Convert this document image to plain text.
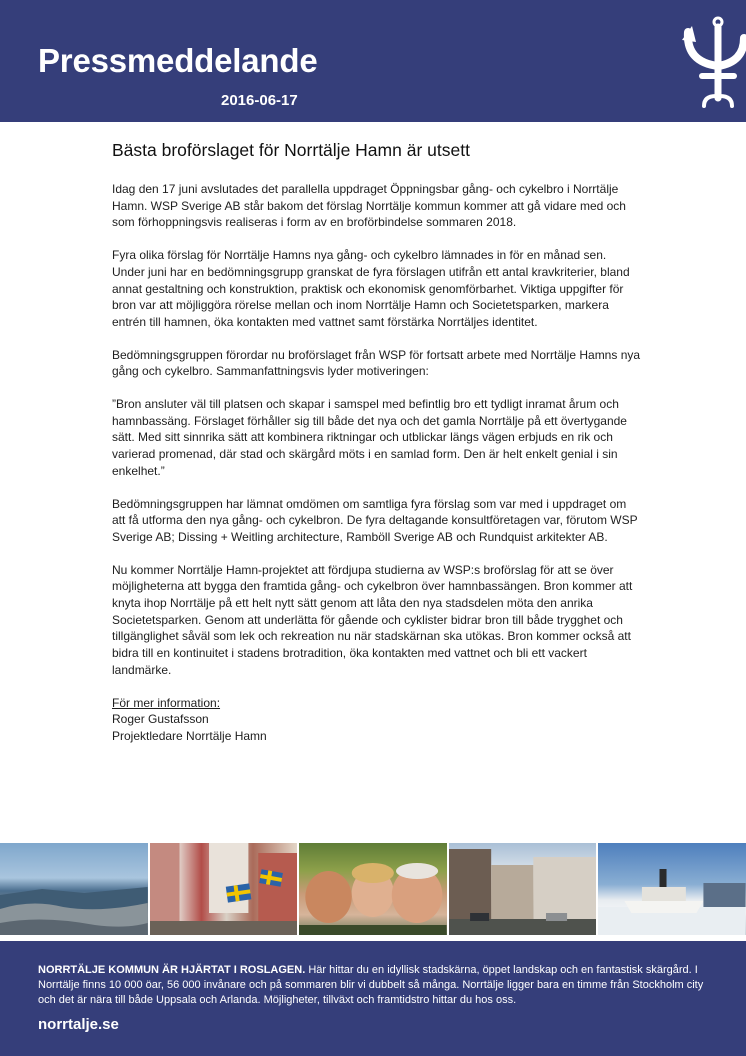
Pressmeddelande
2016-06-17
Bästa broförslaget för Norrtälje Hamn är utsett

Idag den 17 juni avslutades det parallella uppdraget Öppningsbar gång- och cykelbro i Norrtälje Hamn. WSP Sverige AB står bakom det förslag Norrtälje kommun kommer att gå vidare med och som förhoppningsvis realiseras i form av en broförbindelse sommaren 2018.

Fyra olika förslag för Norrtälje Hamns nya gång- och cykelbro lämnades in för en månad sen. Under juni har en bedömningsgrupp granskat de fyra förslagen utifrån ett antal kravkriterier, bland annat gestaltning och konstruktion, praktisk och ekonomisk genomförbarhet. Viktiga uppgifter för bron var att möjliggöra rörelse mellan och inom Norrtälje Hamn och Societetsparken, markera entrén till hamnen, öka kontakten med vattnet samt förstärka Norrtäljes identitet.

Bedömningsgruppen förordar nu broförslaget från WSP för fortsatt arbete med Norrtälje Hamns nya gång och cykelbro. Sammanfattningsvis lyder motiveringen:

”Bron ansluter väl till platsen och skapar i samspel med befintlig bro ett tydligt inramat årum och hamnbassäng. Förslaget förhåller sig till både det nya och det gamla Norrtälje på ett övertygande sätt. Med sitt sinnrika sätt att kombinera riktningar och utblickar längs vägen erbjuds en rik och varierad promenad, där stad och skärgård möts i en samlad form. Den är helt enkelt genial i sin enkelhet.”

Bedömningsgruppen har lämnat omdömen om samtliga fyra förslag som var med i uppdraget om att få utforma den nya gång- och cykelbron. De fyra deltagande konsultföretagen var, förutom WSP Sverige AB; Dissing + Weitling architecture, Ramböll Sverige AB och Rundquist arkitekter AB.

Nu kommer Norrtälje Hamn-projektet att fördjupa studierna av WSP:s broförslag för att se över möjligheterna att bygga den framtida gång- och cykelbron över hamnbassängen. Bron kommer att knyta ihop Norrtälje på ett helt nytt sätt genom att låta den nya stadsdelen möta den anrika Societetsparken. Genom att underlätta för gående och cyklister bidrar bron till både trygghet och tillgänglighet såväl som lek och rekreation nu när stadskärnan ska utökas. Bron kommer också att bidra till en kontinuitet i stadens brotradition, öka kontakten med vattnet och bli ett vackert landmärke.

För mer information:
Roger Gustafsson
Projektledare Norrtälje Hamn

NORRTÄLJE KOMMUN ÄR HJÄRTAT I ROSLAGEN. Här hittar du en idyllisk stadskärna, öppet landskap och en fantastisk skärgård. I Norrtälje finns 10 000 öar, 56 000 invånare och på sommaren blir vi dubbelt så många. Norrtälje ligger bara en timme från Stockholm city och det är nära till både Uppsala och Arlanda. Möjligheter, tillväxt och framtidstro hittar du hos oss.

norrtalje.se
